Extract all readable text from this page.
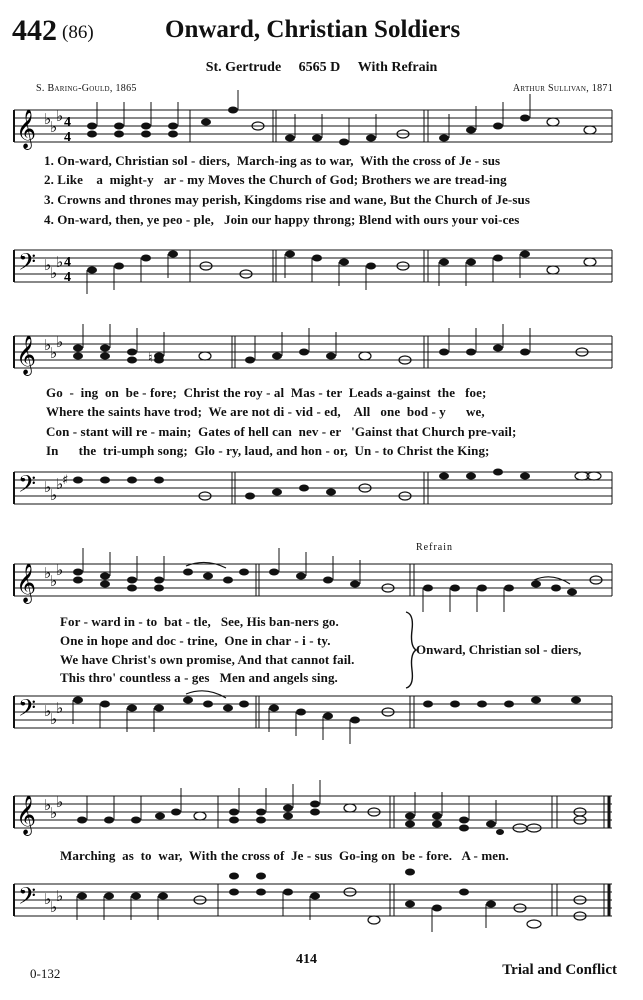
442 (86)	Onward, Christian Soldiers
St. Gertrude 6565 D With Refrain
S. Baring-Gould, 1865	Arthur Sullivan, 1871
𝄞 ♭
♭
♭ 4
4
1. On-ward, Christian sol - diers,  March-ing as to war,  With the cross of Je - sus
2. Like    a  might-y   ar - my Moves the Church of God; Brothers we are tread-ing
3. Crowns and thrones may perish, Kingdoms rise and wane, But the Church of Je-sus
4. On-ward, then, ye peo - ple,   Join our happy throng; Blend with ours your voi-ces
𝄢 ♭
♭
♭ 4
4
𝄞 ♭
♭
♭
♮
Go  -  ing  on  be - fore;  Christ the roy - al  Mas - ter  Leads a-gainst  the   foe;
Where the saints have trod;  We are not di - vid - ed,    All   one  bod - y      we,
Con - stant will re - main;  Gates of hell can  nev - er   'Gainst that Church pre-vail;
In      the  tri-umph song;  Glo - ry, laud, and hon - or,  Un - to Christ the King;
𝄢 ♭
♭
♭
♯
Refrain
𝄞 ♭
♭
♭
For - ward in - to  bat - tle,   See, His ban-ners go.
One in hope and doc - trine,  One in char - i - ty.
We have Christ's own promise, And that cannot fail.
This thro' countless a - ges   Men and angels sing.
Onward, Christian sol - diers,
𝄢 ♭
♭
♭
𝄞 ♭
♭
♭
Marching  as  to  war,  With the cross of  Je - sus  Go-ing on  be - fore.   A - men.
𝄢 ♭
♭
♭
0-132
414
Trial and Conflict
